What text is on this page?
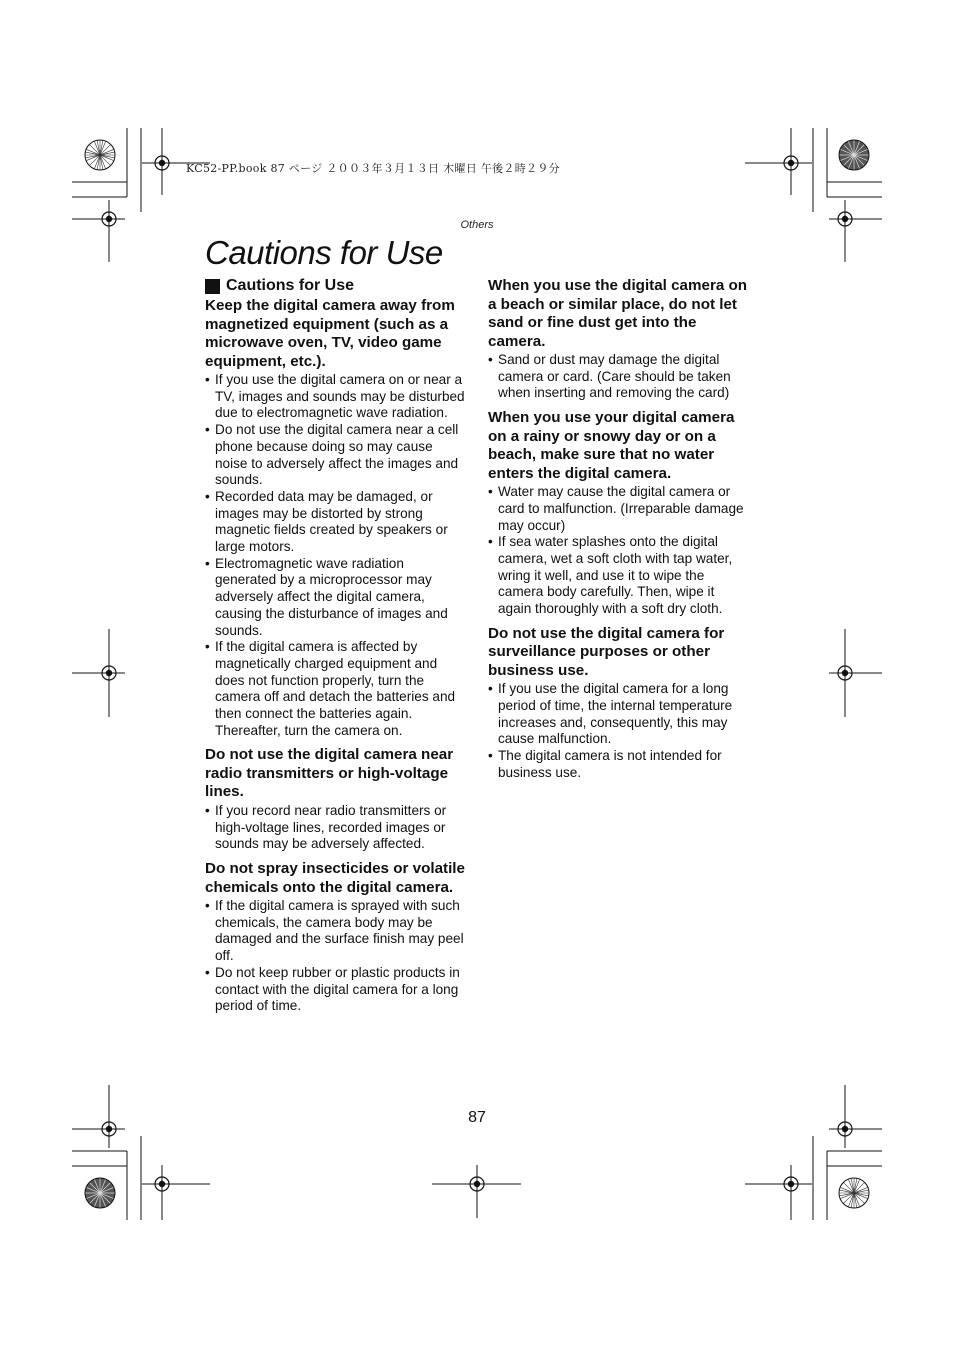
KC52-PP.book 87 ページ ２００３年３月１３日 木曜日 午後２時２９分
Others
Cautions for Use
Cautions for Use

Keep the digital camera away from magnetized equipment (such as a microwave oven, TV, video game equipment, etc.).

• If you use the digital camera on or near a TV, images and sounds may be disturbed due to electromagnetic wave radiation.
• Do not use the digital camera near a cell phone because doing so may cause noise to adversely affect the images and sounds.
• Recorded data may be damaged, or images may be distorted by strong magnetic fields created by speakers or large motors.
• Electromagnetic wave radiation generated by a microprocessor may adversely affect the digital camera, causing the disturbance of images and sounds.
• If the digital camera is affected by magnetically charged equipment and does not function properly, turn the camera off and detach the batteries and then connect the batteries again. Thereafter, turn the camera on.

Do not use the digital camera near radio transmitters or high-voltage lines.

• If you record near radio transmitters or high-voltage lines, recorded images or sounds may be adversely affected.

Do not spray insecticides or volatile chemicals onto the digital camera.

• If the digital camera is sprayed with such chemicals, the camera body may be damaged and the surface finish may peel off.
• Do not keep rubber or plastic products in contact with the digital camera for a long period of time.

When you use the digital camera on a beach or similar place, do not let sand or fine dust get into the camera.

• Sand or dust may damage the digital camera or card. (Care should be taken when inserting and removing the card)

When you use your digital camera on a rainy or snowy day or on a beach, make sure that no water enters the digital camera.

• Water may cause the digital camera or card to malfunction. (Irreparable damage may occur)
• If sea water splashes onto the digital camera, wet a soft cloth with tap water, wring it well, and use it to wipe the camera body carefully. Then, wipe it again thoroughly with a soft dry cloth.

Do not use the digital camera for surveillance purposes or other business use.

• If you use the digital camera for a long period of time, the internal temperature increases and, consequently, this may cause malfunction.
• The digital camera is not intended for business use.
87
